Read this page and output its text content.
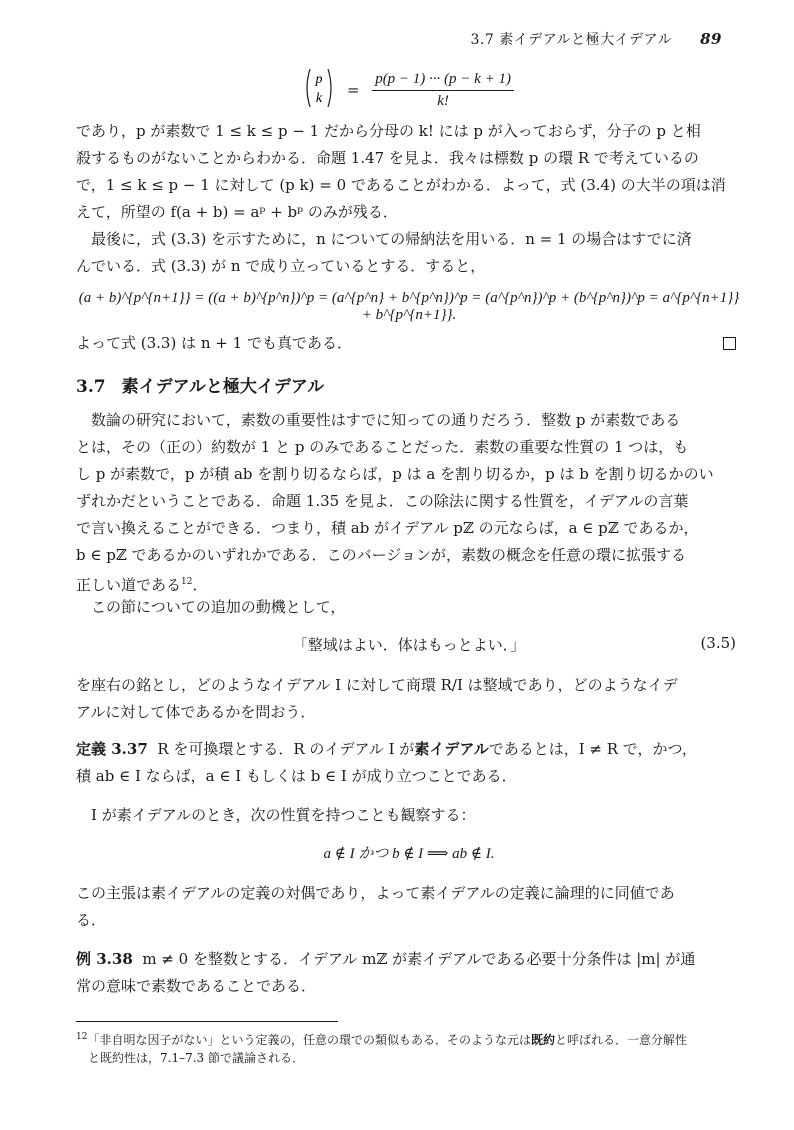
3.7 素イデアルと極大イデアル 89
p
$k = \frac{p(p - 1) \cdot\cdot\cdot (p - k + 1)}{k!}$
であり，p が素数で 1 ≤ k ≤ p − 1 だから分母の k! には p が入っておらず，分子の p と相
殺するものがないことからわかる．命題 1.47 を見よ．我々は標数 p の環 R で考えているの
で，1 ≤ k ≤ p − 1 に対して (p k) = 0 であることがわかる．よって，式 (3.4) の大半の項は消
えて，所望の f(a + b) = aᵖ + bᵖ のみが残る．
最後に，式 (3.3) を示すために，n についての帰納法を用いる．n = 1 の場合はすでに済
んでいる．式 (3.3) が n で成り立っているとする．すると，
(a + b)^{p^{n+1}} = ((a + b)^{p^n})^p = (a^{p^n} + b^{p^n})^p = (a^{p^n})^p + (b^{p^n})^p = a^{p^{n+1}} + b^{p^{n+1}}.
よって式 (3.3) は n + 1 でも真である．
3.7 素イデアルと極大イデアル
数論の研究において，素数の重要性はすでに知っての通りだろう．整数 p が素数である
とは，その（正の）約数が 1 と p のみであることだった．素数の重要な性質の 1 つは，も
し p が素数で，p が積 ab を割り切るならば，p は a を割り切るか，p は b を割り切るかのい
ずれかだということである．命題 1.35 を見よ．この除法に関する性質を，イデアルの言葉
で言い換えることができる．つまり，積 ab がイデアル pℤ の元ならば，a ∈ pℤ であるか，
b ∈ pℤ であるかのいずれかである．このバージョンが，素数の概念を任意の環に拡張する
正しい道である$^{12}$．
この節についての追加の動機として，
「整域はよい．体はもっとよい．」	(3.5)
を座右の銘とし，どのようなイデアル I に対して商環 R/I は整域であり，どのようなイデ
アルに対して体であるかを問おう．
定義 3.37 R を可換環とする．R のイデアル I が素イデアルであるとは，I ≠ R で，かつ，
積 ab ∈ I ならば，a ∈ I もしくは b ∈ I が成り立つことである．
I が素イデアルのとき，次の性質を持つことも観察する：
a ∉ I かつ b ∉ I ⟹ ab ∉ I.
この主張は素イデアルの定義の対偶であり，よって素イデアルの定義に論理的に同値であ
る．
例 3.38 m ≠ 0 を整数とする．イデアル mℤ が素イデアルである必要十分条件は |m| が通
常の意味で素数であることである．
$^{12}$「非自明な因子がない」という定義の，任意の環での類似もある．そのような元は既約と呼ばれる．一意分解性
と既約性は，7.1–7.3 節で議論される．
